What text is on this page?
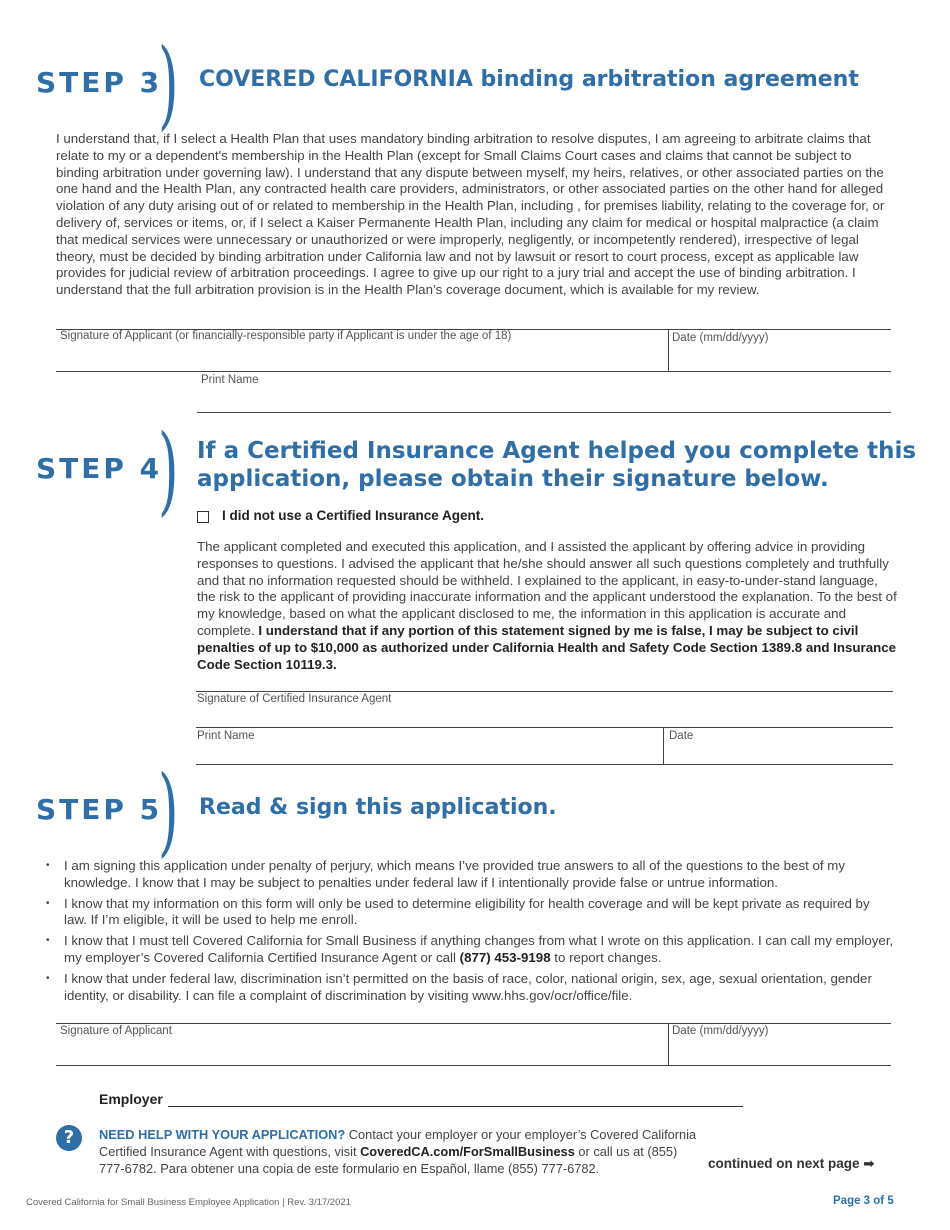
STEP 3
) COVERED CALIFORNIA binding arbitration agreement
I understand that, if I select a Health Plan that uses mandatory binding arbitration to resolve disputes, I am agreeing to arbitrate claims that relate to my or a dependent's membership in the Health Plan (except for Small Claims Court cases and claims that cannot be subject to binding arbitration under governing law). I understand that any dispute between myself, my heirs, relatives, or other associated parties on the one hand and the Health Plan, any contracted health care providers, administrators, or other associated parties on the other hand for alleged violation of any duty arising out of or related to membership in the Health Plan, including , for premises liability, relating to the coverage for, or delivery of, services or items, or, if I select a Kaiser Permanente Health Plan, including any claim for medical or hospital malpractice (a claim that medical services were unnecessary or unauthorized or were improperly, negligently, or incompetently rendered), irrespective of legal theory, must be decided by binding arbitration under California law and not by lawsuit or resort to court process, except as applicable law provides for judicial review of arbitration proceedings. I agree to give up our right to a jury trial and accept the use of binding arbitration. I understand that the full arbitration provision is in the Health Plan’s coverage document, which is available for my review.
Signature of Applicant (or financially-responsible party if Applicant is under the age of 18)	Date (mm/dd/yyyy)
Print Name
STEP 4
) If a Certified Insurance Agent helped you complete this
application, please obtain their signature below.
I did not use a Certified Insurance Agent.
The applicant completed and executed this application, and I assisted the applicant by offering advice in providing responses to questions. I advised the applicant that he/she should answer all such questions completely and truthfully and that no information requested should be withheld. I explained to the applicant, in easy-to-under-stand language, the risk to the applicant of providing inaccurate information and the applicant understood the explanation. To the best of my knowledge, based on what the applicant disclosed to me, the information in this application is accurate and complete. I understand that if any portion of this statement signed by me is false, I may be subject to civil penalties of up to $10,000 as authorized under California Health and Safety Code Section 1389.8 and Insurance Code Section 10119.3.
Signature of Certified Insurance Agent
Print Name	Date
STEP 5
) Read & sign this application.
• I am signing this application under penalty of perjury, which means I’ve provided true answers to all of the questions to the best of my knowledge. I know that I may be subject to penalties under federal law if I intentionally provide false or untrue information.
• I know that my information on this form will only be used to determine eligibility for health coverage and will be kept private as required by law. If I’m eligible, it will be used to help me enroll.
• I know that I must tell Covered California for Small Business if anything changes from what I wrote on this application. I can call my employer, my employer’s Covered California Certified Insurance Agent or call (877) 453-9198 to report changes.
• I know that under federal law, discrimination isn’t permitted on the basis of race, color, national origin, sex, age, sexual orientation, gender identity, or disability. I can file a complaint of discrimination by visiting www.hhs.gov/ocr/office/file.
Signature of Applicant	Date (mm/dd/yyyy)
Employer
?	NEED HELP WITH YOUR APPLICATION? Contact your employer or your employer’s Covered California Certified Insurance Agent with questions, visit CoveredCA.com/ForSmallBusiness or call us at (855) 777-6782. Para obtener una copia de este formulario en Español, llame (855) 777-6782.	continued on next page ➡
Covered California for Small Business Employee Application | Rev. 3/17/2021	Page 3 of 5
